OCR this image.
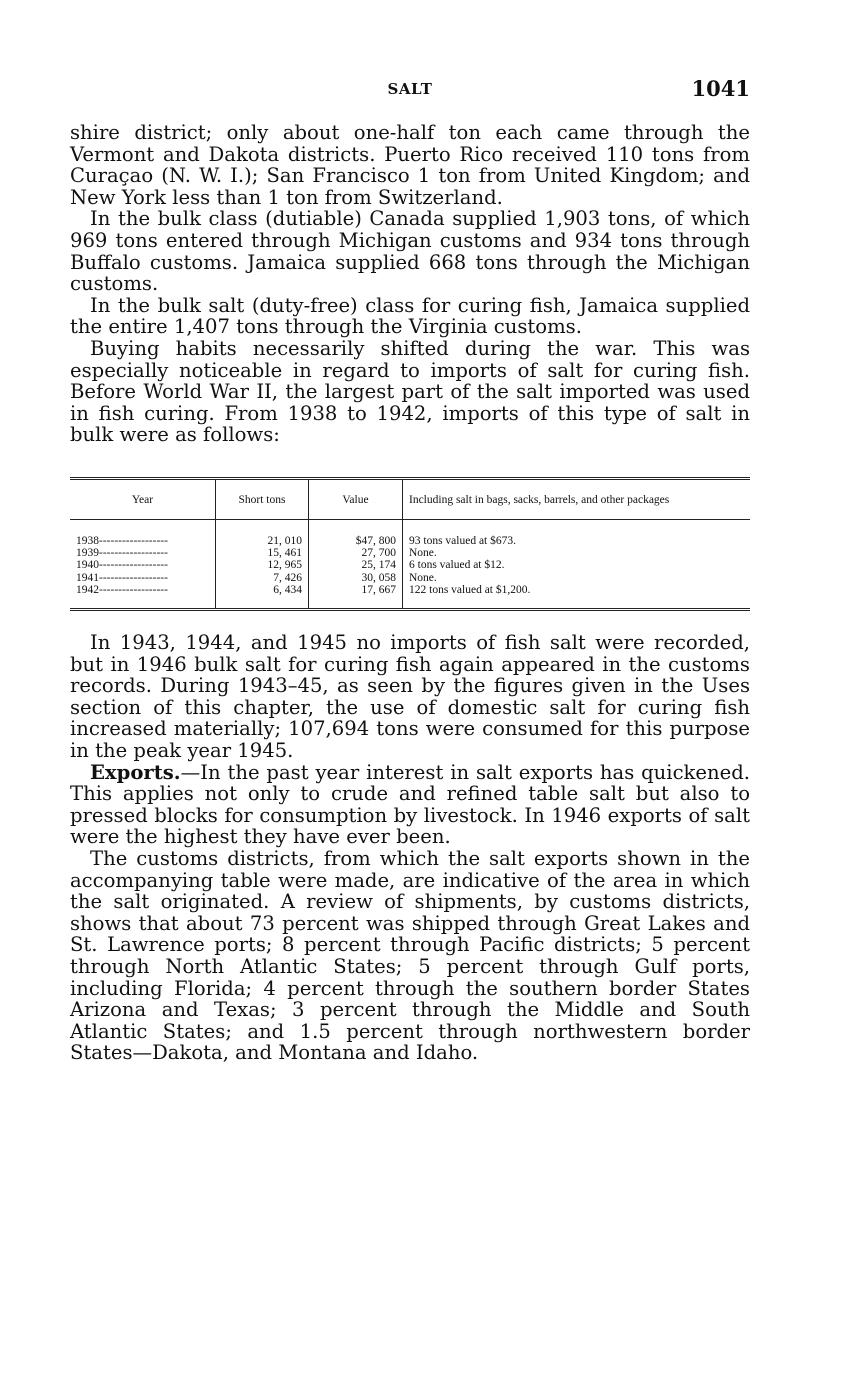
SALT	1041

shire district; only about one-half ton each came through the Vermont and Dakota districts. Puerto Rico received 110 tons from Curaçao (N. W. I.); San Francisco 1 ton from United Kingdom; and New York less than 1 ton from Switzerland.

In the bulk class (dutiable) Canada supplied 1,903 tons, of which 969 tons entered through Michigan customs and 934 tons through Buffalo customs. Jamaica supplied 668 tons through the Michigan customs.

In the bulk salt (duty-free) class for curing fish, Jamaica supplied the entire 1,407 tons through the Virginia customs.

Buying habits necessarily shifted during the war. This was especially noticeable in regard to imports of salt for curing fish. Before World War II, the largest part of the salt imported was used in fish curing. From 1938 to 1942, imports of this type of salt in bulk were as follows:

Year	Short tons	Value	Including salt in bags, sacks, barrels, and other packages
1938------------------	21, 010	$47, 800	93 tons valued at $673.
1939------------------	15, 461	27, 700	None.
1940------------------	12, 965	25, 174	6 tons valued at $12.
1941------------------	7, 426	30, 058	None.
1942------------------	6, 434	17, 667	122 tons valued at $1,200.

In 1943, 1944, and 1945 no imports of fish salt were recorded, but in 1946 bulk salt for curing fish again appeared in the customs records. During 1943–45, as seen by the figures given in the Uses section of this chapter, the use of domestic salt for curing fish increased materially; 107,694 tons were consumed for this purpose in the peak year 1945.

Exports.—In the past year interest in salt exports has quickened. This applies not only to crude and refined table salt but also to pressed blocks for consumption by livestock. In 1946 exports of salt were the highest they have ever been.

The customs districts, from which the salt exports shown in the accompanying table were made, are indicative of the area in which the salt originated. A review of shipments, by customs districts, shows that about 73 percent was shipped through Great Lakes and St. Lawrence ports; 8 percent through Pacific districts; 5 percent through North Atlantic States; 5 percent through Gulf ports, including Florida; 4 percent through the southern border States Arizona and Texas; 3 percent through the Middle and South Atlantic States; and 1.5 percent through northwestern border States—Dakota, and Montana and Idaho.
